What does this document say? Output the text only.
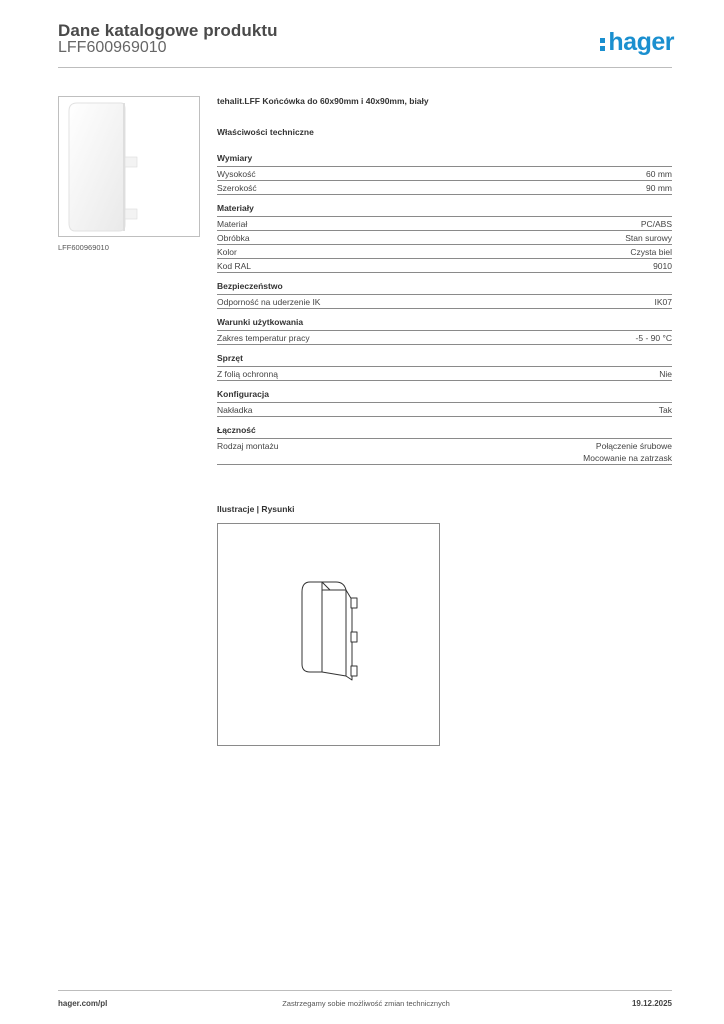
Dane katalogowe produktu
LFF600969010	hager
LFF600969010
tehalit.LFF Końcówka do 60x90mm i 40x90mm, biały
Właściwości techniczne
Wymiary
Wysokość	60 mm
Szerokość	90 mm
Materiały
Materiał	PC/ABS
Obróbka	Stan surowy
Kolor	Czysta biel
Kod RAL	9010
Bezpieczeństwo
Odporność na uderzenie IK	IK07
Warunki użytkowania
Zakres temperatur pracy	-5 - 90 °C
Sprzęt
Z folią ochronną	Nie
Konfiguracja
Nakładka	Tak
Łączność
Rodzaj montażu	Połączenie śrubowe
Mocowanie na zatrzask
Ilustracje | Rysunki
hager.com/pl	Zastrzegamy sobie możliwość zmian technicznych	19.12.2025
